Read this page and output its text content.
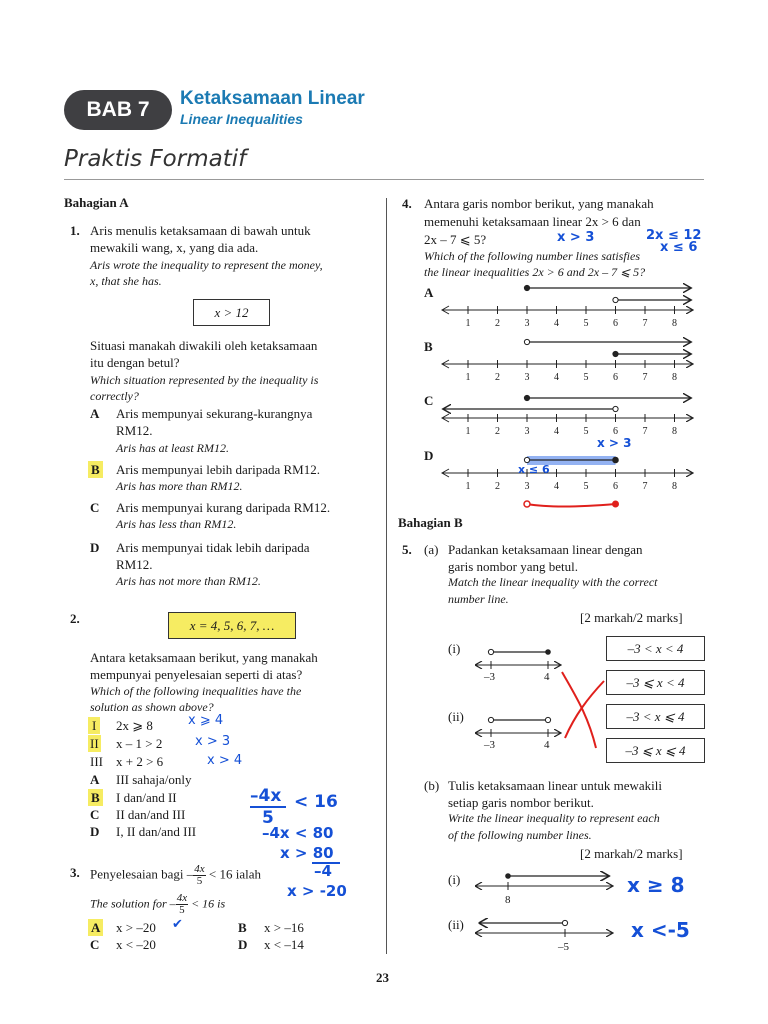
BAB 7	Ketaksamaan Linear
Linear Inequalities
Praktis Formatif
Bahagian A
1. Aris menulis ketaksamaan di bawah untuk
mewakili wang, x, yang dia ada.
Aris wrote the inequality to represent the money,
x, that she has.
x > 12
Situasi manakah diwakili oleh ketaksamaan
itu dengan betul?
Which situation represented by the inequality is
correctly?
A Aris mempunyai sekurang-kurangnya
RM12.
Aris has at least RM12.
B Aris mempunyai lebih daripada RM12.
Aris has more than RM12.
C Aris mempunyai kurang daripada RM12.
Aris has less than RM12.
D Aris mempunyai tidak lebih daripada
RM12.
Aris has not more than RM12.
2.	x = 4, 5, 6, 7, …
Antara ketaksamaan berikut, yang manakah
mempunyai penyelesaian seperti di atas?
Which of the following inequalities have the
solution as shown above?
I	2x ⩾ 8	x ⩾ 4
II x – 1 > 2	x > 3
III x + 2 > 6	x > 4
A III sahaja/only
B I dan/and II
C II dan/and III
D I, II dan/and III
–4x
5
< 16
–4x < 80
x > 80
–4
x > -20
3. Penyelesaian bagi – $\frac{4x}{5} < 16$ ialah
The solution for – $\frac{4x}{5} < 16$ is
A x > –20 ✔	B x > –16
C x < –20	D x < –14
4. Antara garis nombor berikut, yang manakah
memenuhi ketaksamaan linear 2x > 6 dan
2x – 7 ⩽ 5?
Which of the following number lines satisfies
the linear inequalities 2x > 6 and 2x – 7 ⩽ 5?
x > 3	2x ≤ 12
x ≤ 6
1 2 3 4 5 6 7 8
1 2 3 4 5 6 7 8
1 2 3 4 5 6 7 8
1 2 3 4 5 6 7 8
A
B
C
D
x > 3
x ≤ 6
Bahagian B
5. (a) Padankan ketaksamaan linear dengan
garis nombor yang betul.
Match the linear inequality with the correct
number line.
[2 markah/2 marks]
(i)
(ii)
–3	4
–3	4
–3 < x < 4
–3 ⩽ x < 4
–3 < x ⩽ 4
–3 ⩽ x ⩽ 4
(b) Tulis ketaksamaan linear untuk mewakili
setiap garis nombor berikut.
Write the linear inequality to represent each
of the following number lines.
[2 markah/2 marks]
(i)
(ii)
8
–5
x ≥ 8
x <-5
23
